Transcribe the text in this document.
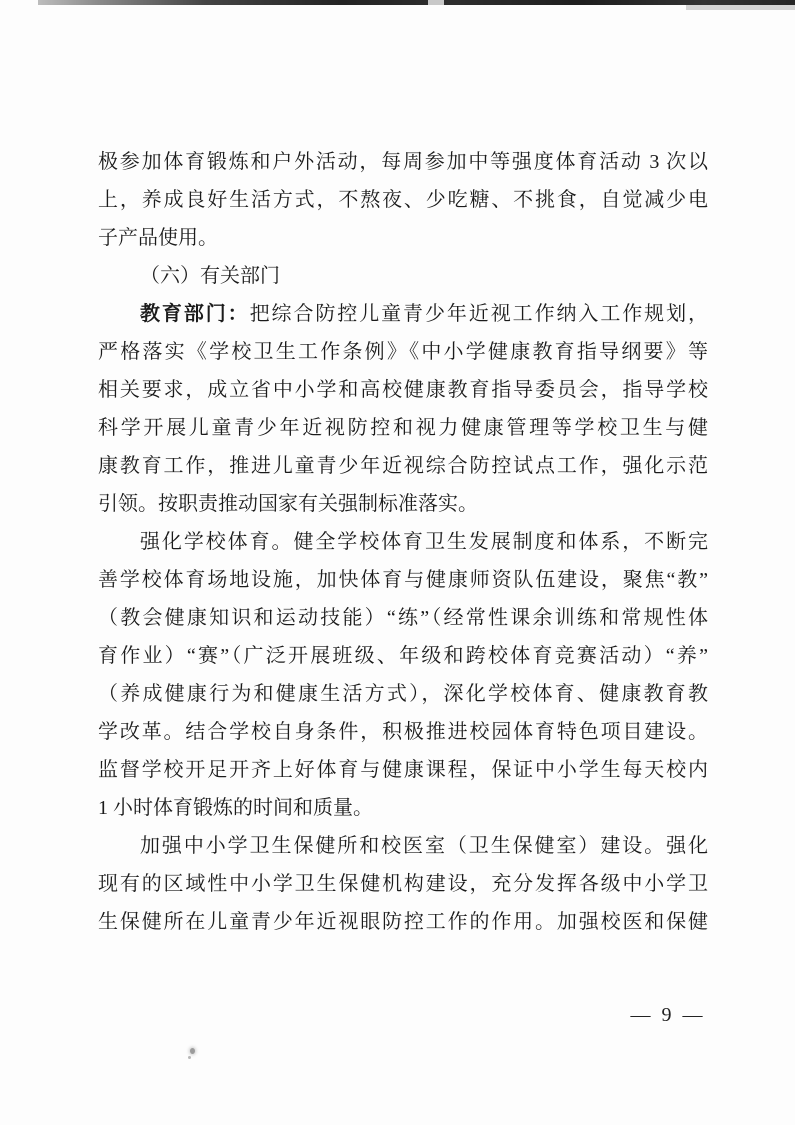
极参加体育锻炼和户外活动，每周参加中等强度体育活动 3 次以
上，养成良好生活方式，不熬夜、少吃糖、不挑食，自觉减少电
子产品使用。
（六）有关部门
教育部门：把综合防控儿童青少年近视工作纳入工作规划，
严格落实《学校卫生工作条例》《中小学健康教育指导纲要》等
相关要求，成立省中小学和高校健康教育指导委员会，指导学校
科学开展儿童青少年近视防控和视力健康管理等学校卫生与健
康教育工作，推进儿童青少年近视综合防控试点工作，强化示范
引领。按职责推动国家有关强制标准落实。
强化学校体育。健全学校体育卫生发展制度和体系，不断完
善学校体育场地设施，加快体育与健康师资队伍建设，聚焦“教”
（教会健康知识和运动技能）“练”（经常性课余训练和常规性体
育作业）“赛”（广泛开展班级、年级和跨校体育竞赛活动）“养”
（养成健康行为和健康生活方式），深化学校体育、健康教育教
学改革。结合学校自身条件，积极推进校园体育特色项目建设。
监督学校开足开齐上好体育与健康课程，保证中小学生每天校内
1 小时体育锻炼的时间和质量。
加强中小学卫生保健所和校医室（卫生保健室）建设。强化
现有的区域性中小学卫生保健机构建设，充分发挥各级中小学卫
生保健所在儿童青少年近视眼防控工作的作用。加强校医和保健
— 9 —
